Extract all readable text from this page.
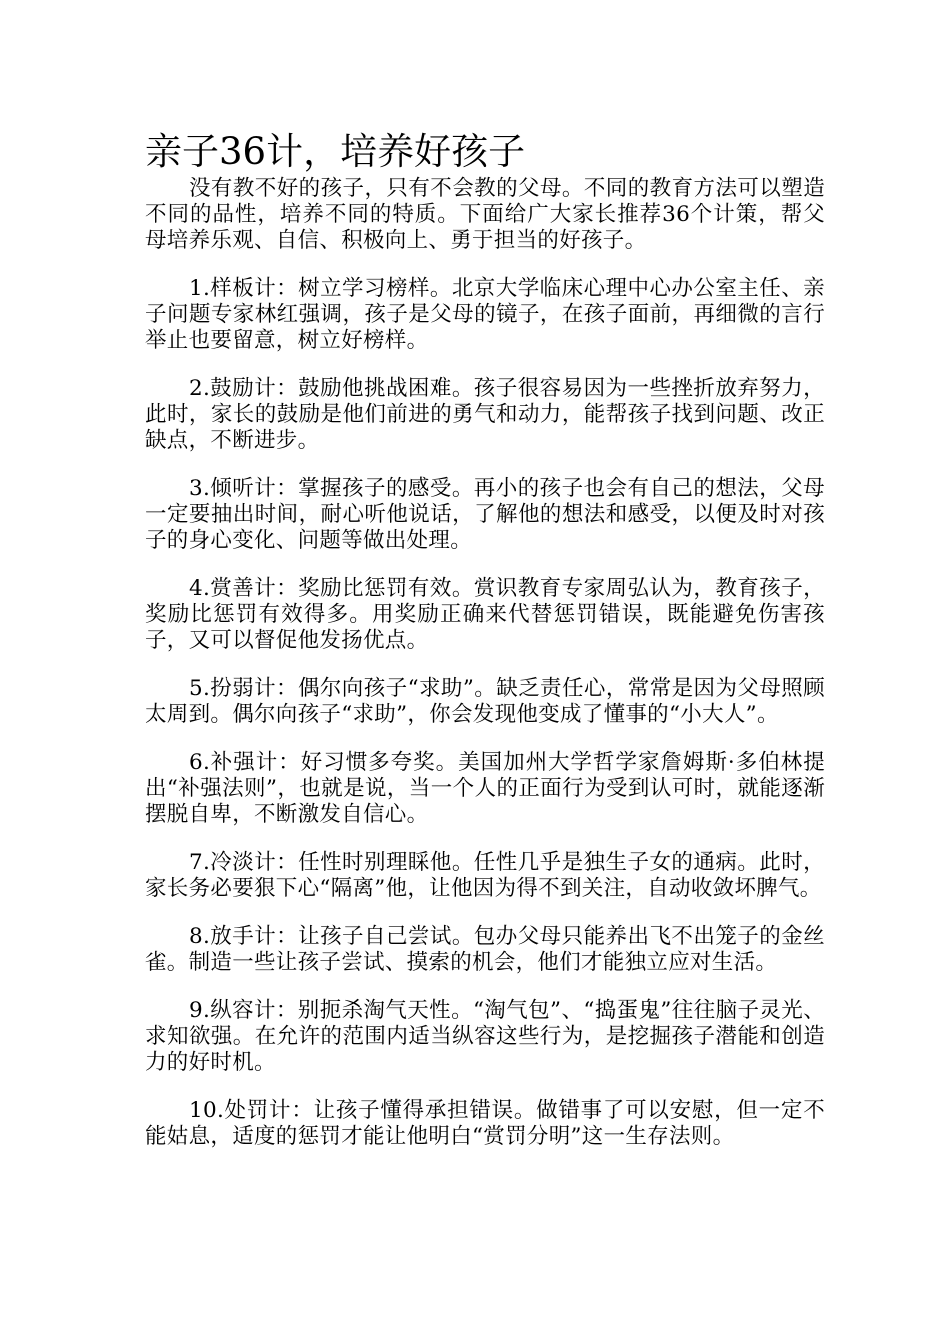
亲子36计，培养好孩子

没有教不好的孩子，只有不会教的父母。不同的教育方法可以塑造不同的品性，培养不同的特质。下面给广大家长推荐36个计策，帮父母培养乐观、自信、积极向上、勇于担当的好孩子。

1.样板计：树立学习榜样。北京大学临床心理中心办公室主任、亲子问题专家林红强调，孩子是父母的镜子，在孩子面前，再细微的言行举止也要留意，树立好榜样。

2.鼓励计：鼓励他挑战困难。孩子很容易因为一些挫折放弃努力，此时，家长的鼓励是他们前进的勇气和动力，能帮孩子找到问题、改正缺点，不断进步。

3.倾听计：掌握孩子的感受。再小的孩子也会有自己的想法，父母一定要抽出时间，耐心听他说话，了解他的想法和感受，以便及时对孩子的身心变化、问题等做出处理。

4.赏善计：奖励比惩罚有效。赏识教育专家周弘认为，教育孩子，奖励比惩罚有效得多。用奖励正确来代替惩罚错误，既能避免伤害孩子，又可以督促他发扬优点。

5.扮弱计：偶尔向孩子“求助”。缺乏责任心，常常是因为父母照顾太周到。偶尔向孩子“求助”，你会发现他变成了懂事的“小大人”。

6.补强计：好习惯多夸奖。美国加州大学哲学家詹姆斯·多伯林提出“补强法则”，也就是说，当一个人的正面行为受到认可时，就能逐渐摆脱自卑，不断激发自信心。

7.冷淡计：任性时别理睬他。任性几乎是独生子女的通病。此时，家长务必要狠下心“隔离”他，让他因为得不到关注，自动收敛坏脾气。

8.放手计：让孩子自己尝试。包办父母只能养出飞不出笼子的金丝雀。制造一些让孩子尝试、摸索的机会，他们才能独立应对生活。

9.纵容计：别扼杀淘气天性。“淘气包”、“捣蛋鬼”往往脑子灵光、求知欲强。在允许的范围内适当纵容这些行为，是挖掘孩子潜能和创造力的好时机。

10.处罚计：让孩子懂得承担错误。做错事了可以安慰，但一定不能姑息，适度的惩罚才能让他明白“赏罚分明”这一生存法则。
